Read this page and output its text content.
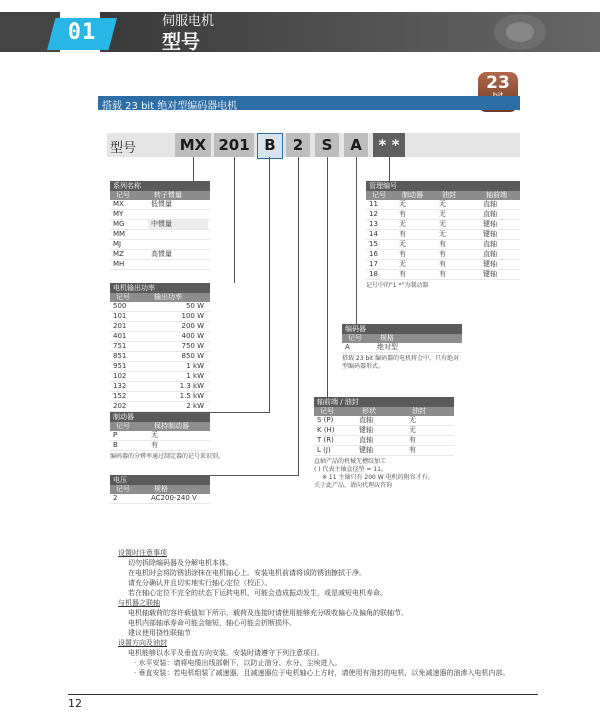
01	伺服电机
型号
23
搭载 23 bit 绝对型编码器电机
型号	MX 201 B	2	S	A	* *
系列名称
记号	转子惯量
MX	低惯量
MY
MG	中惯量
MM
MJ
MZ	高惯量
MH
电机输出功率
记号	输出功率
500	50 W
101	100 W
201	200 W
401	400 W
751	750 W
851	850 W
951	1 kW
102	1 kW
132	1.3 kW
152	1.5 kW
202	2 kW
制动器
记号	保持制动器
P	无
B	有
编码器的分辨率通过制定器的记号来识别。
电压
记号	规格
2	AC200-240 V
管理编号
记号 制动器	油封	轴前端
11	无	无	直轴
12	有	无	直轴
13	无	无	键轴
14	有	无	键轴
15	无	有	直轴
16	有	有	直轴
17	无	有	键轴
18	有	有	键轴
记号中的"1 *"为制动器
编码器
记号	规格
A	绝对型
搭载 23 bit 编码器的电机将会中，只有绝对
型编码器形式。
轴前端 / 油封
记号	形状	油封
S (P)	直轴	无
K (H)	键轴	无
T (R)	直轴	有
L (J)	键轴	有
直轴产品的机械无槽纹加工
( ) 代表主轴直径型 = 11。
※ 11 主轴只有 200 W 电机的附容才有。
关于此产品，请向代理店咨询
设置时注意事项
切勿拆除编码器及分解电机本体。
在电机时会将防锈油涂抹在电机轴心上。安装电机前请将该防锈油擦拭干净。
请充分确认并且切实地实行轴心定位（校正）。
若在轴心定位不完全的状态下运转电机，可能会造成振动发生，或是减短电机寿命。
与机器之联轴
电机轴载荷的容许载值如下所示，载荷及连接时请使用能够充分吸收偏心及偏角的联轴节。
电机内部轴承寿命可能会缩短，轴心可能会折断损坏。
建议使用挠性联轴节
设置方向及油封
电机能够以水平及垂直方向安装。安装时请遵守下列注意项目。
· 水平安装：请将电缆出线部朝下，以防止油分、水分、尘埃进入。
· 垂直安装：若电机组装了减速器，且减速器位于电机轴心上方时，请使用有油封的电机，以免减速器的油渗入电机内部。
12
